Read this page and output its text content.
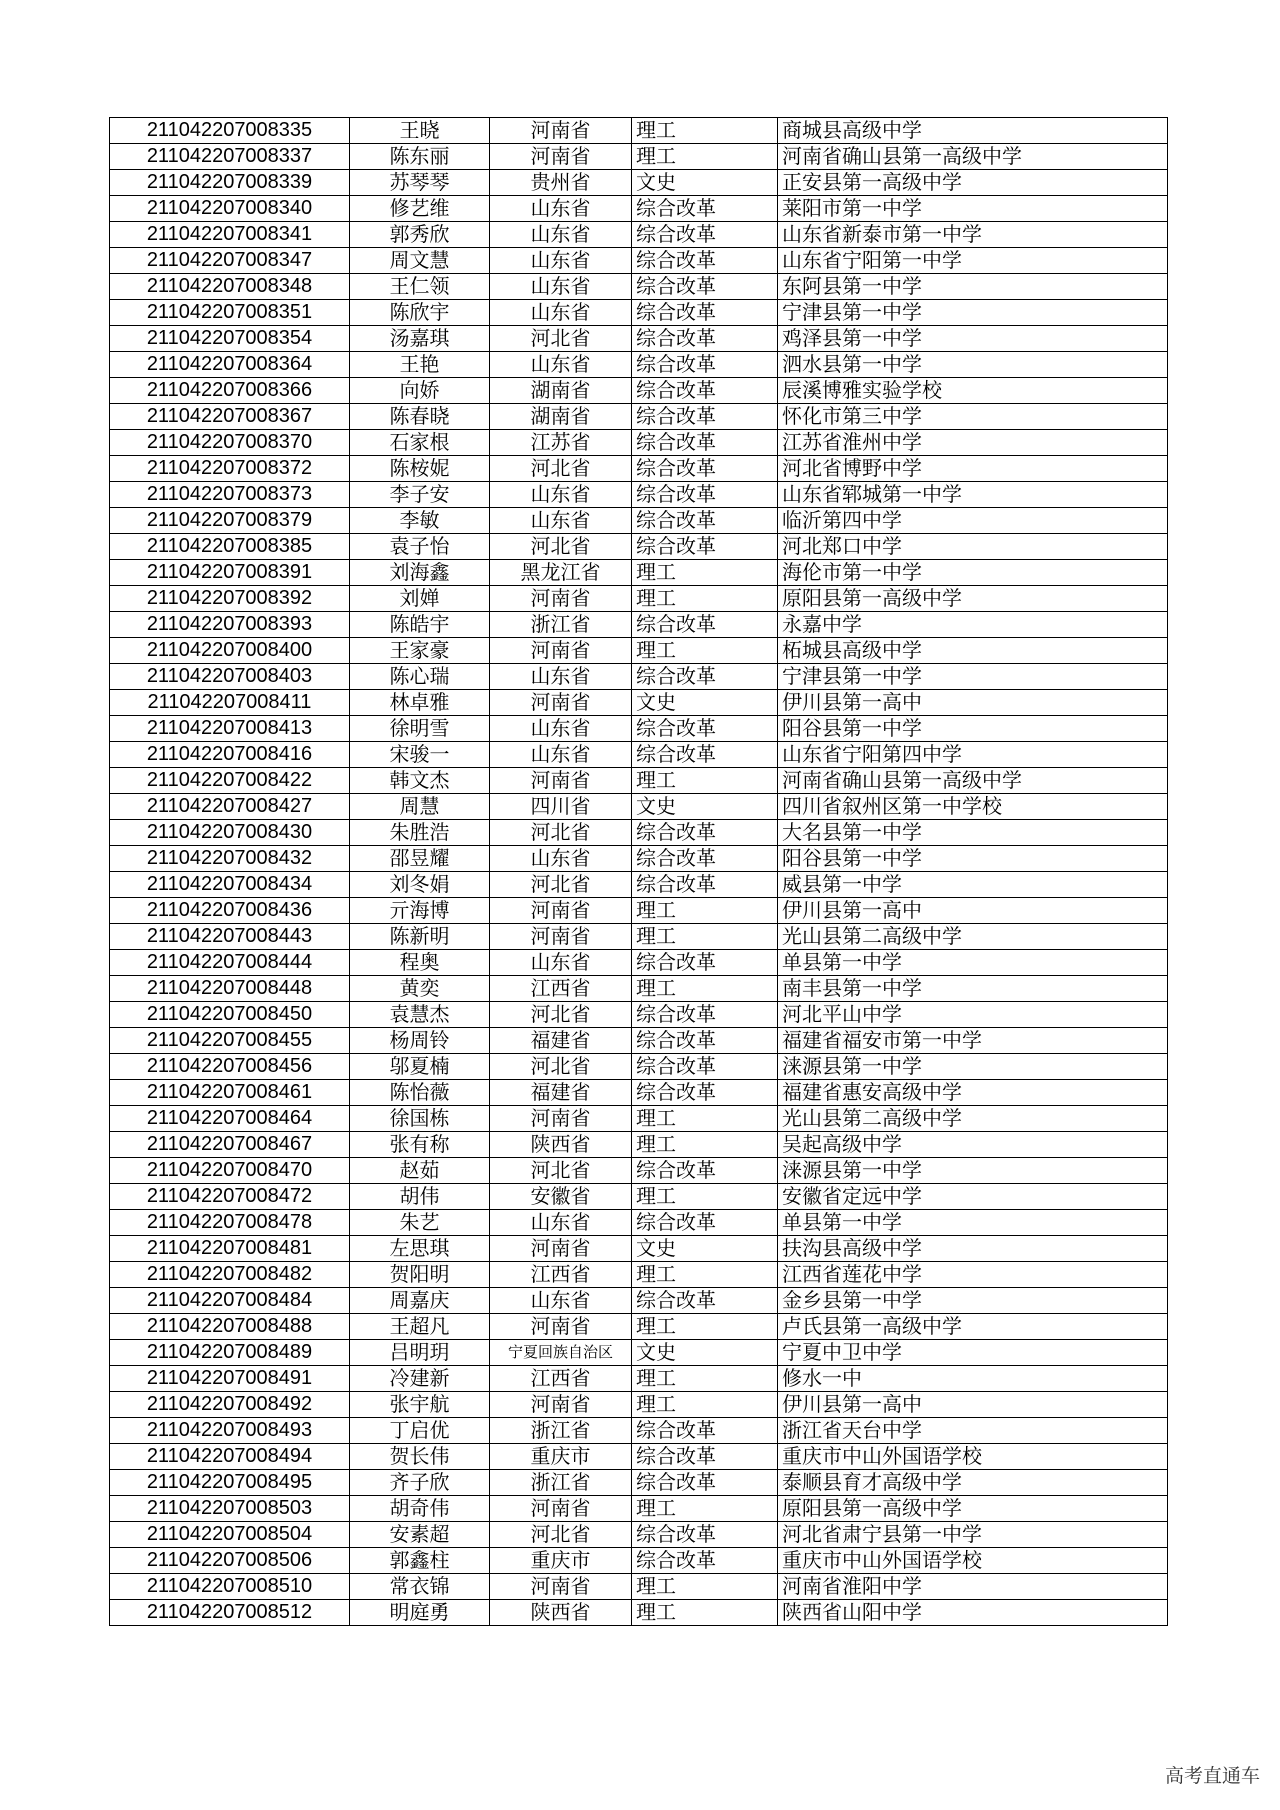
211042207008335	王晓	河南省	理工	商城县高级中学
211042207008337	陈东丽	河南省	理工	河南省确山县第一高级中学
211042207008339	苏琴琴	贵州省	文史	正安县第一高级中学
211042207008340	修艺维	山东省	综合改革	莱阳市第一中学
211042207008341	郭秀欣	山东省	综合改革	山东省新泰市第一中学
211042207008347	周文慧	山东省	综合改革	山东省宁阳第一中学
211042207008348	王仁领	山东省	综合改革	东阿县第一中学
211042207008351	陈欣宇	山东省	综合改革	宁津县第一中学
211042207008354	汤嘉琪	河北省	综合改革	鸡泽县第一中学
211042207008364	王艳	山东省	综合改革	泗水县第一中学
211042207008366	向娇	湖南省	综合改革	辰溪博雅实验学校
211042207008367	陈春晓	湖南省	综合改革	怀化市第三中学
211042207008370	石家根	江苏省	综合改革	江苏省淮州中学
211042207008372	陈桉妮	河北省	综合改革	河北省博野中学
211042207008373	李子安	山东省	综合改革	山东省郓城第一中学
211042207008379	李敏	山东省	综合改革	临沂第四中学
211042207008385	袁子怡	河北省	综合改革	河北郑口中学
211042207008391	刘海鑫	黑龙江省	理工	海伦市第一中学
211042207008392	刘婵	河南省	理工	原阳县第一高级中学
211042207008393	陈皓宇	浙江省	综合改革	永嘉中学
211042207008400	王家豪	河南省	理工	柘城县高级中学
211042207008403	陈心瑞	山东省	综合改革	宁津县第一中学
211042207008411	林卓雅	河南省	文史	伊川县第一高中
211042207008413	徐明雪	山东省	综合改革	阳谷县第一中学
211042207008416	宋骏一	山东省	综合改革	山东省宁阳第四中学
211042207008422	韩文杰	河南省	理工	河南省确山县第一高级中学
211042207008427	周慧	四川省	文史	四川省叙州区第一中学校
211042207008430	朱胜浩	河北省	综合改革	大名县第一中学
211042207008432	邵昱耀	山东省	综合改革	阳谷县第一中学
211042207008434	刘冬娟	河北省	综合改革	威县第一中学
211042207008436	亓海博	河南省	理工	伊川县第一高中
211042207008443	陈新明	河南省	理工	光山县第二高级中学
211042207008444	程奥	山东省	综合改革	单县第一中学
211042207008448	黄奕	江西省	理工	南丰县第一中学
211042207008450	袁慧杰	河北省	综合改革	河北平山中学
211042207008455	杨周铃	福建省	综合改革	福建省福安市第一中学
211042207008456	邬夏楠	河北省	综合改革	涞源县第一中学
211042207008461	陈怡薇	福建省	综合改革	福建省惠安高级中学
211042207008464	徐国栋	河南省	理工	光山县第二高级中学
211042207008467	张有称	陕西省	理工	吴起高级中学
211042207008470	赵茹	河北省	综合改革	涞源县第一中学
211042207008472	胡伟	安徽省	理工	安徽省定远中学
211042207008478	朱艺	山东省	综合改革	单县第一中学
211042207008481	左思琪	河南省	文史	扶沟县高级中学
211042207008482	贺阳明	江西省	理工	江西省莲花中学
211042207008484	周嘉庆	山东省	综合改革	金乡县第一中学
211042207008488	王超凡	河南省	理工	卢氏县第一高级中学
211042207008489	吕明玥	宁夏回族自治区	文史	宁夏中卫中学
211042207008491	冷建新	江西省	理工	修水一中
211042207008492	张宇航	河南省	理工	伊川县第一高中
211042207008493	丁启优	浙江省	综合改革	浙江省天台中学
211042207008494	贺长伟	重庆市	综合改革	重庆市中山外国语学校
211042207008495	齐子欣	浙江省	综合改革	泰顺县育才高级中学
211042207008503	胡奇伟	河南省	理工	原阳县第一高级中学
211042207008504	安素超	河北省	综合改革	河北省肃宁县第一中学
211042207008506	郭鑫柱	重庆市	综合改革	重庆市中山外国语学校
211042207008510	常衣锦	河南省	理工	河南省淮阳中学
211042207008512	明庭勇	陕西省	理工	陕西省山阳中学
高考直通车
